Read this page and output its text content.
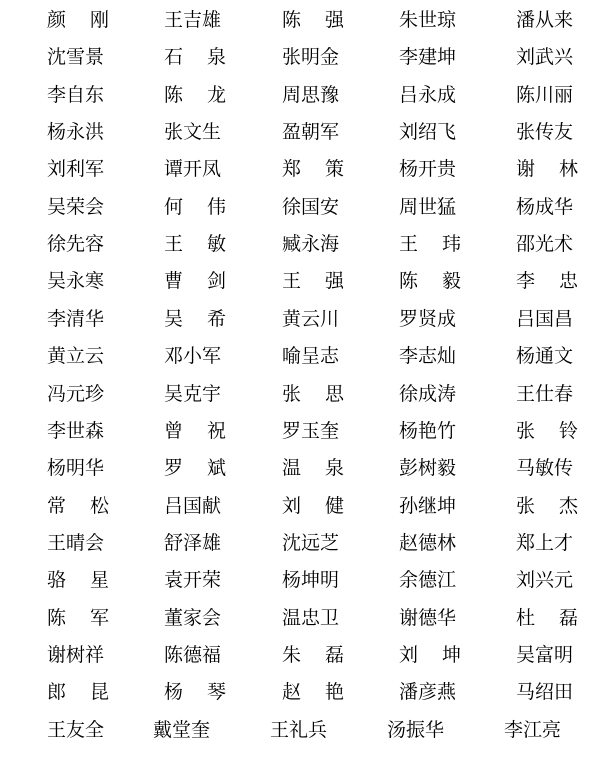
颜 刚	王吉雄	陈 强	朱世琼	潘从来
沈雪景	石 泉	张明金	李建坤	刘武兴
李自东	陈 龙	周思豫	吕永成	陈川丽
杨永洪	张文生	盈朝军	刘绍飞	张传友
刘利军	谭开凤	郑 策	杨开贵	谢 林
吴荣会	何 伟	徐国安	周世猛	杨成华
徐先容	王 敏	臧永海	王 玮	邵光术
吴永寒	曹 剑	王 强	陈 毅	李 忠
李清华	吴 希	黄云川	罗贤成	吕国昌
黄立云	邓小军	喻呈志	李志灿	杨通文
冯元珍	吴克宇	张 思	徐成涛	王仕春
李世森	曾 祝	罗玉奎	杨艳竹	张 铃
杨明华	罗 斌	温 泉	彭树毅	马敏传
常 松	吕国献	刘 健	孙继坤	张 杰
王晴会	舒泽雄	沈远芝	赵德林	郑上才
骆 星	袁开荣	杨坤明	余德江	刘兴元
陈 军	董家会	温忠卫	谢德华	杜 磊
谢树祥	陈德福	朱 磊	刘 坤	吴富明
郎 昆	杨 琴	赵 艳	潘彦燕	马绍田
王友全	戴堂奎	王礼兵	汤振华	李江亮
